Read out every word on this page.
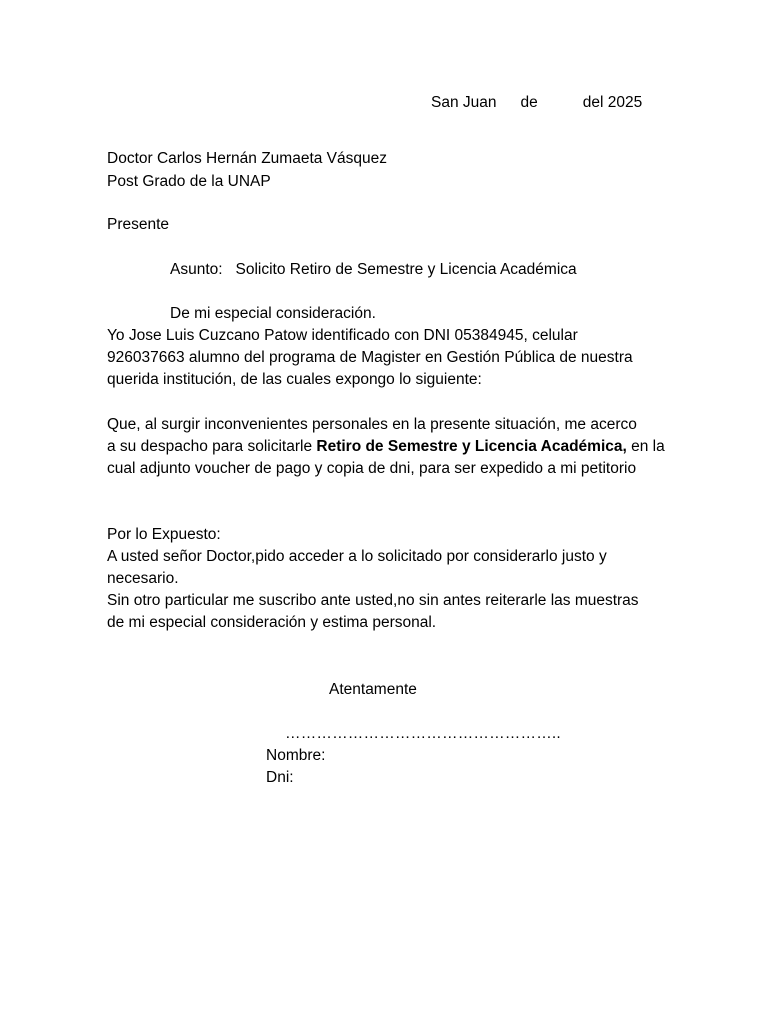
San Juan de	del 2025
Doctor Carlos Hernán Zumaeta Vásquez
Post Grado de la UNAP
Presente
Asunto: Solicito Retiro de Semestre y Licencia Académica
De mi especial consideración.
Yo Jose Luis Cuzcano Patow identificado con DNI 05384945, celular
926037663 alumno del programa de Magister en Gestión Pública de nuestra
querida institución, de las cuales expongo lo siguiente:
Que, al surgir inconvenientes personales en la presente situación, me acerco
a su despacho para solicitarle Retiro de Semestre y Licencia Académica, en la
cual adjunto voucher de pago y copia de dni, para ser expedido a mi petitorio
Por lo Expuesto:
A usted señor Doctor,pido acceder a lo solicitado por considerarlo justo y
necesario.
Sin otro particular me suscribo ante usted,no sin antes reiterarle las muestras
de mi especial consideración y estima personal.
Atentamente
……………………………………………..
Nombre:
Dni:
